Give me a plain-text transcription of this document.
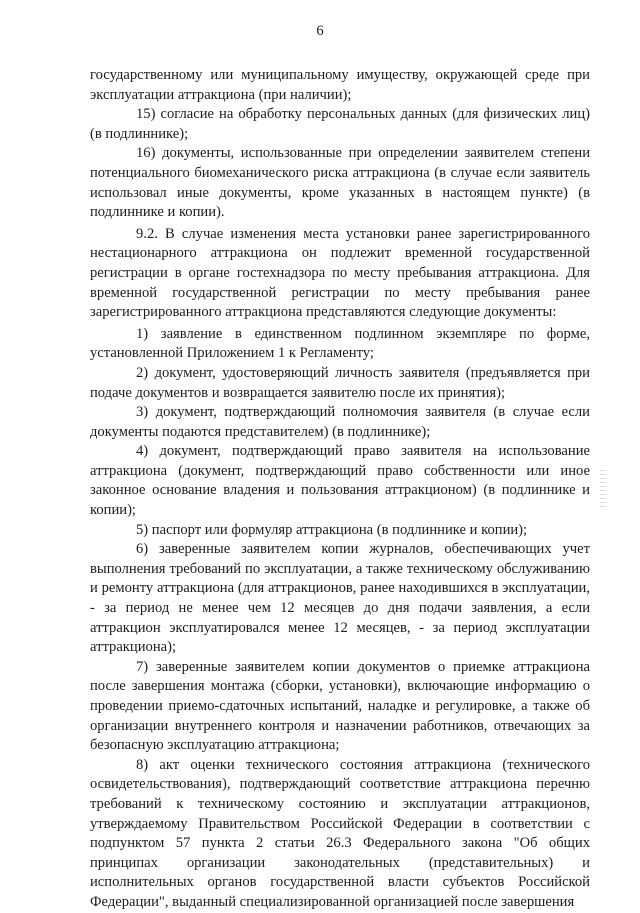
6

государственному или муниципальному имуществу, окружающей среде при эксплуатации аттракциона (при наличии);

15) согласие на обработку персональных данных (для физических лиц) (в подлиннике);

16) документы, использованные при определении заявителем степени потенциального биомеханического риска аттракциона (в случае если заявитель использовал иные документы, кроме указанных в настоящем пункте) (в подлиннике и копии).

9.2. В случае изменения места установки ранее зарегистрированного нестационарного аттракциона он подлежит временной государственной регистрации в органе гостехнадзора по месту пребывания аттракциона. Для временной государственной регистрации по месту пребывания ранее зарегистрированного аттракциона представляются следующие документы:

1) заявление в единственном подлинном экземпляре по форме, установленной Приложением 1 к Регламенту;

2) документ, удостоверяющий личность заявителя (предъявляется при подаче документов и возвращается заявителю после их принятия);

3) документ, подтверждающий полномочия заявителя (в случае если документы подаются представителем) (в подлиннике);

4) документ, подтверждающий право заявителя на использование аттракциона (документ, подтверждающий право собственности или иное законное основание владения и пользования аттракционом) (в подлиннике и копии);

5) паспорт или формуляр аттракциона (в подлиннике и копии);

6) заверенные заявителем копии журналов, обеспечивающих учет выполнения требований по эксплуатации, а также техническому обслуживанию и ремонту аттракциона (для аттракционов, ранее находившихся в эксплуатации, - за период не менее чем 12 месяцев до дня подачи заявления, а если аттракцион эксплуатировался менее 12 месяцев, - за период эксплуатации аттракциона);

7) заверенные заявителем копии документов о приемке аттракциона после завершения монтажа (сборки, установки), включающие информацию о проведении приемо-сдаточных испытаний, наладке и регулировке, а также об организации внутреннего контроля и назначении работников, отвечающих за безопасную эксплуатацию аттракциона;

8) акт оценки технического состояния аттракциона (технического освидетельствования), подтверждающий соответствие аттракциона перечню требований к техническому состоянию и эксплуатации аттракционов, утверждаемому Правительством Российской Федерации в соответствии с подпунктом 57 пункта 2 статьи 26.3 Федерального закона "Об общих принципах организации законодательных (представительных) и исполнительных органов государственной власти субъектов Российской Федерации", выданный специализированной организацией после завершения
